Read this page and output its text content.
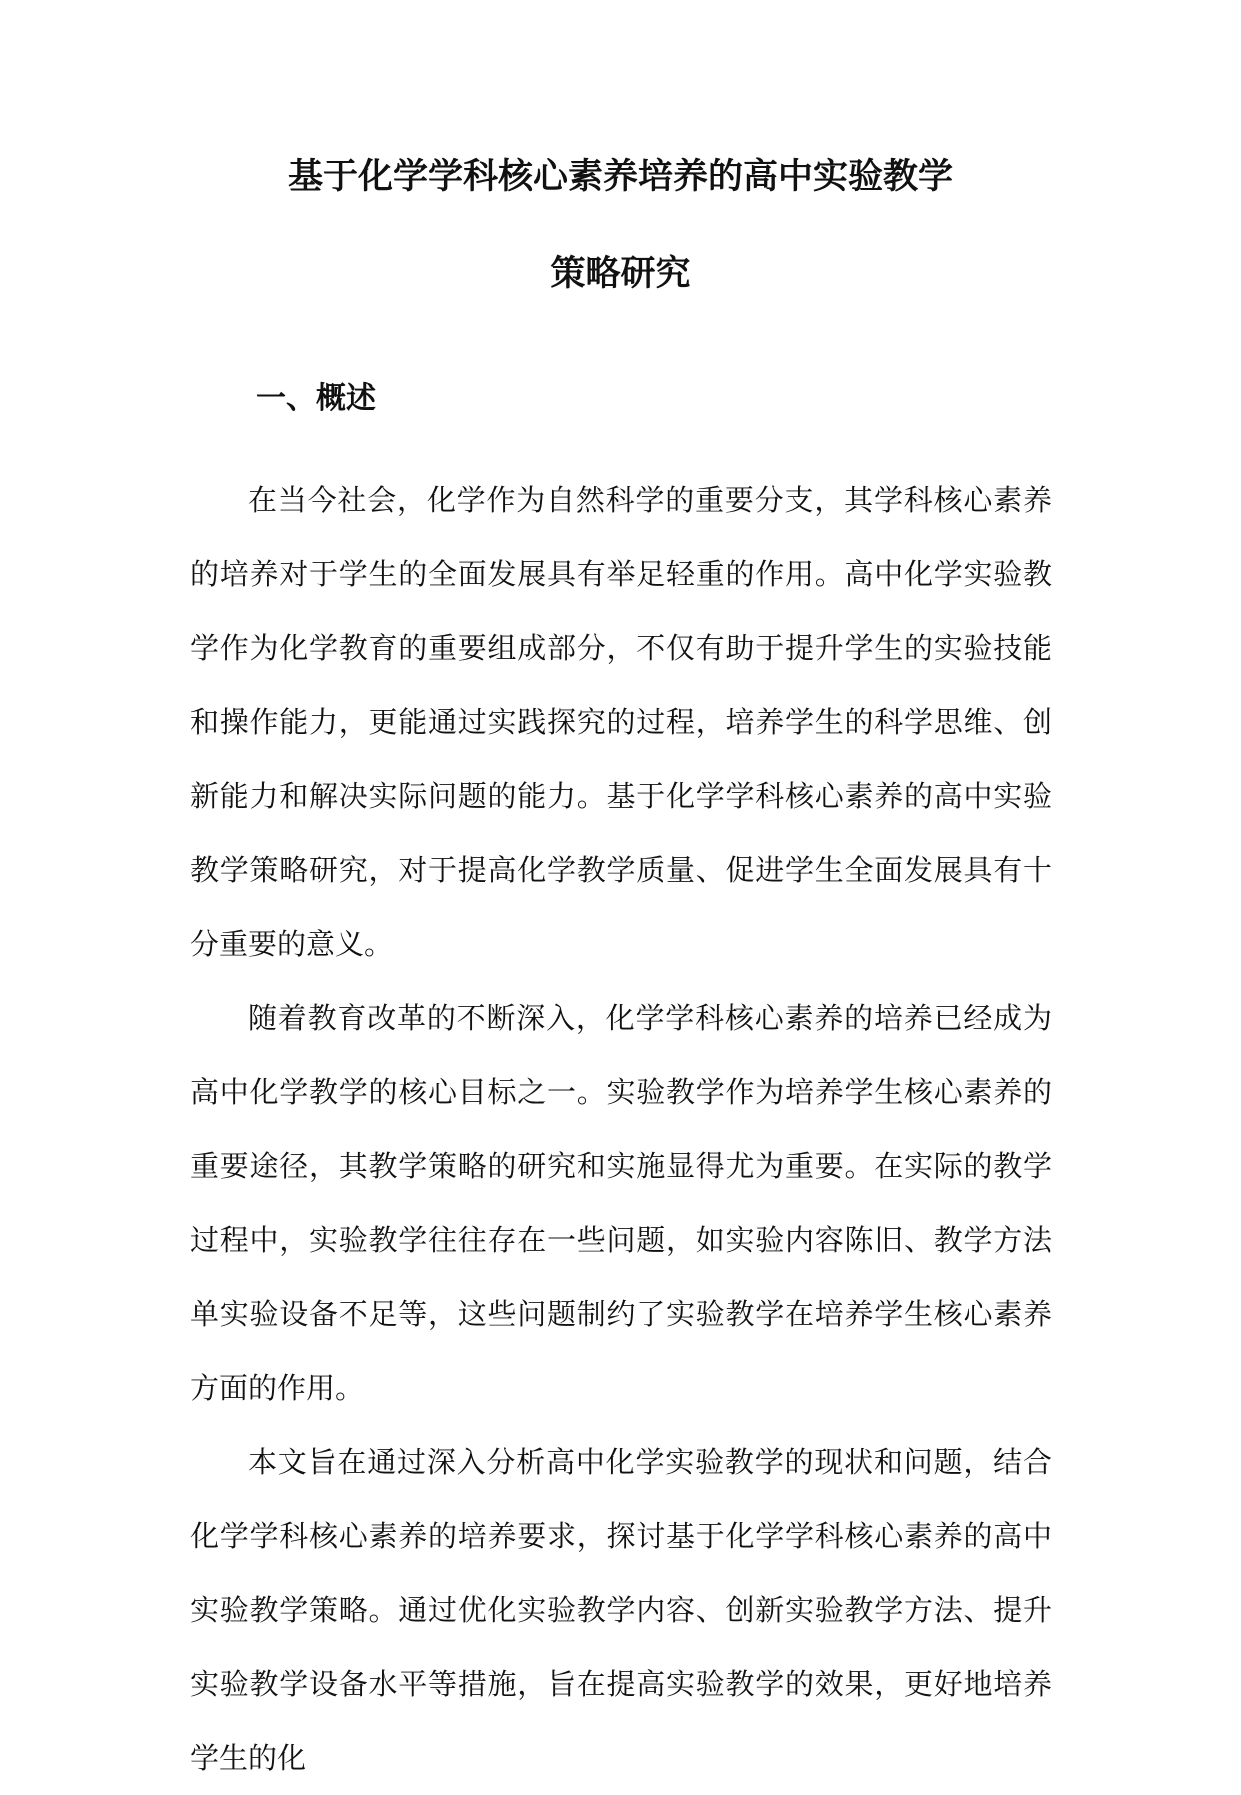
基于化学学科核心素养培养的高中实验教学
策略研究
一、概述

在当今社会，化学作为自然科学的重要分支，其学科核心素养的培养对于学生的全面发展具有举足轻重的作用。高中化学实验教学作为化学教育的重要组成部分，不仅有助于提升学生的实验技能和操作能力，更能通过实践探究的过程，培养学生的科学思维、创新能力和解决实际问题的能力。基于化学学科核心素养的高中实验教学策略研究，对于提高化学教学质量、促进学生全面发展具有十分重要的意义。

随着教育改革的不断深入，化学学科核心素养的培养已经成为高中化学教学的核心目标之一。实验教学作为培养学生核心素养的重要途径，其教学策略的研究和实施显得尤为重要。在实际的教学过程中，实验教学往往存在一些问题，如实验内容陈旧、教学方法单实验设备不足等，这些问题制约了实验教学在培养学生核心素养方面的作用。

本文旨在通过深入分析高中化学实验教学的现状和问题，结合化学学科核心素养的培养要求，探讨基于化学学科核心素养的高中实验教学策略。通过优化实验教学内容、创新实验教学方法、提升实验教学设备水平等措施，旨在提高实验教学的效果，更好地培养学生的化
